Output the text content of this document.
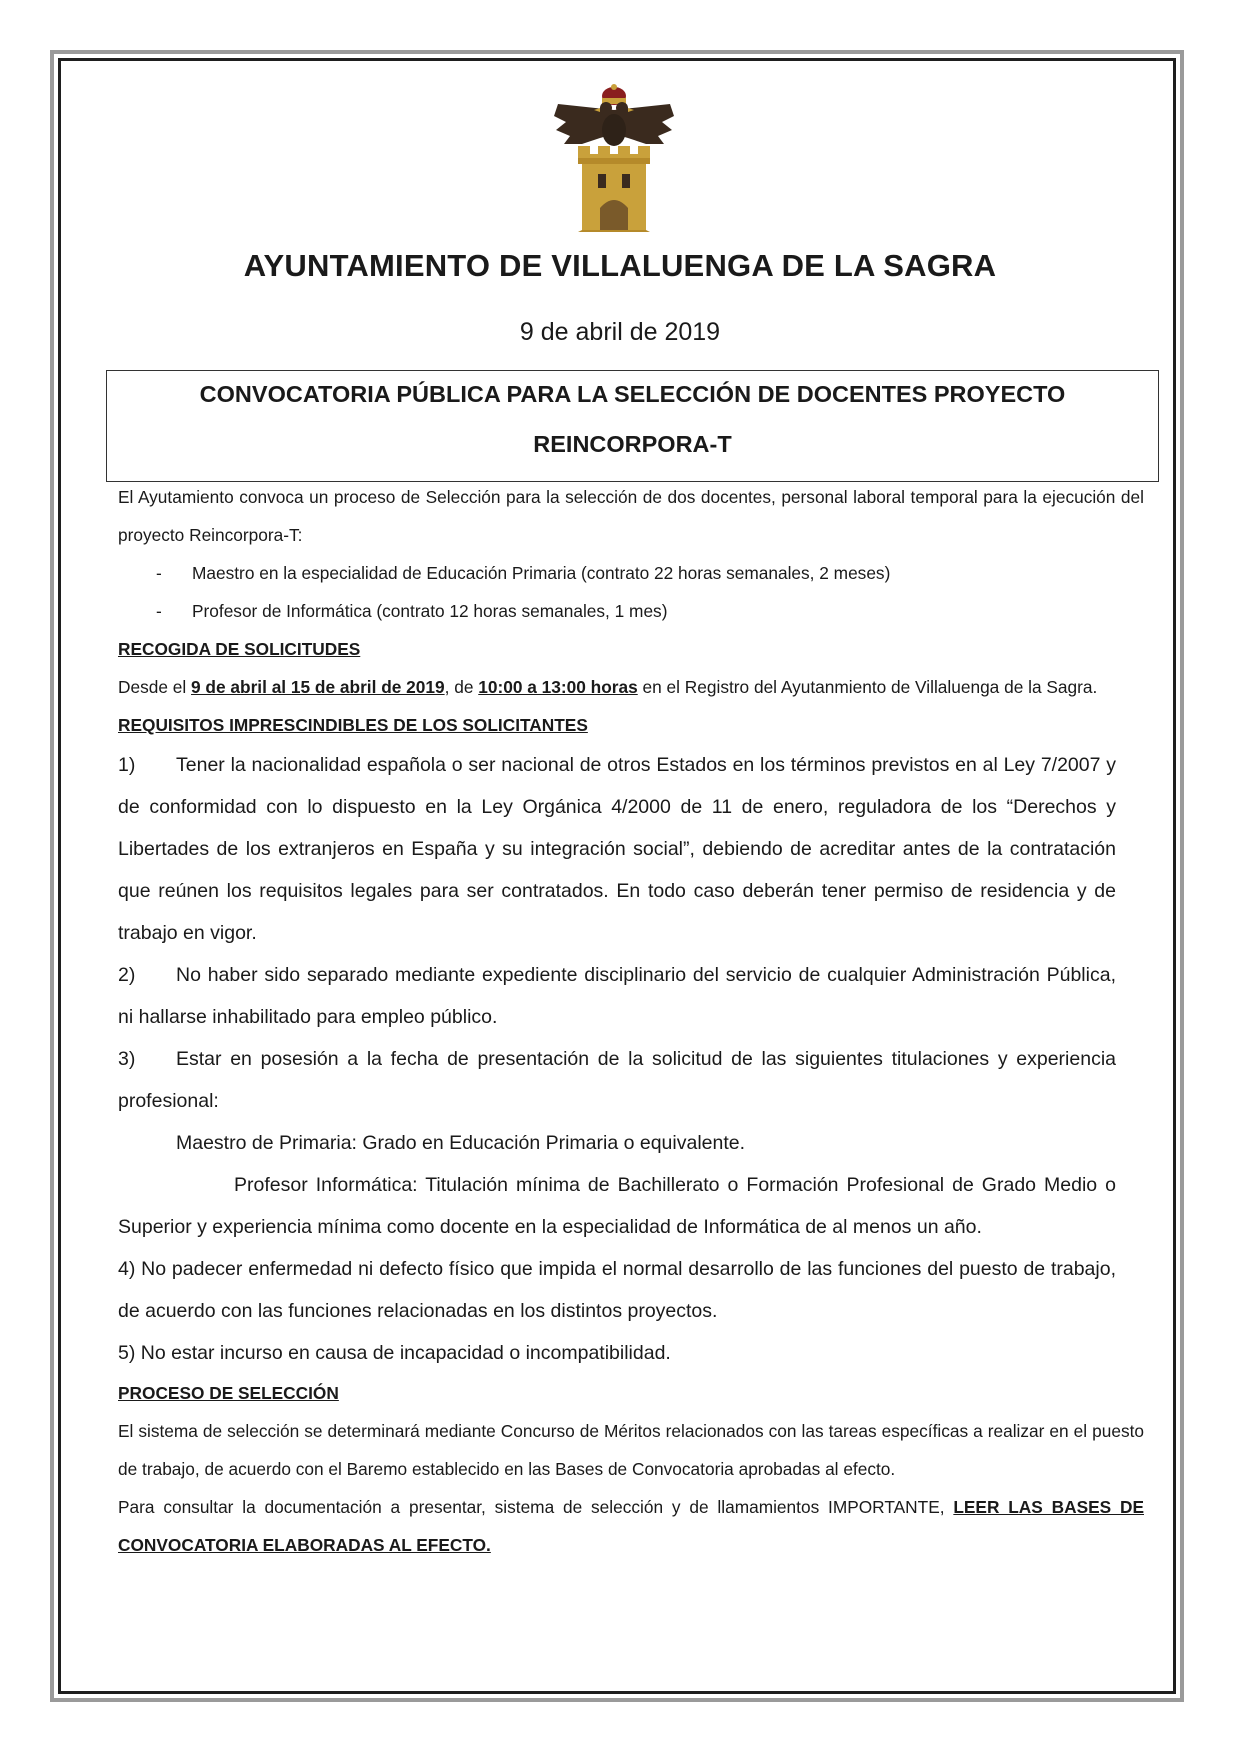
AYUNTAMIENTO DE VILLALUENGA DE LA SAGRA
9 de abril de 2019
CONVOCATORIA PÚBLICA PARA LA SELECCIÓN DE DOCENTES PROYECTO
REINCORPORA-T

El Ayutamiento convoca un proceso de Selección para la selección de dos docentes, personal laboral temporal para la ejecución del proyecto Reincorpora-T:

-	Maestro en la especialidad de Educación Primaria (contrato 22 horas semanales, 2 meses)
-	Profesor de Informática (contrato 12 horas semanales, 1 mes)
RECOGIDA DE SOLICITUDES

Desde el 9 de abril al 15 de abril de 2019, de 10:00 a 13:00 horas en el Registro del Ayutanmiento de Villaluenga de la Sagra.

REQUISITOS IMPRESCINDIBLES DE LOS SOLICITANTES

1) Tener la nacionalidad española o ser nacional de otros Estados en los términos previstos en al Ley 7/2007 y de conformidad con lo dispuesto en la Ley Orgánica 4/2000 de 11 de enero, reguladora de los “Derechos y Libertades de los extranjeros en España y su integración social”, debiendo de acreditar antes de la contratación que reúnen los requisitos legales para ser contratados. En todo caso deberán tener permiso de residencia y de trabajo en vigor.

2) No haber sido separado mediante expediente disciplinario del servicio de cualquier Administración Pública, ni hallarse inhabilitado para empleo público.

3) Estar en posesión a la fecha de presentación de la solicitud de las siguientes titulaciones y experiencia profesional:

Maestro de Primaria: Grado en Educación Primaria o equivalente.

Profesor Informática: Titulación mínima de Bachillerato o Formación Profesional de Grado Medio o Superior y experiencia mínima como docente en la especialidad de Informática de al menos un año.

4) No padecer enfermedad ni defecto físico que impida el normal desarrollo de las funciones del puesto de trabajo, de acuerdo con las funciones relacionadas en los distintos proyectos.

5) No estar incurso en causa de incapacidad o incompatibilidad.

PROCESO DE SELECCIÓN

El sistema de selección se determinará mediante Concurso de Méritos relacionados con las tareas específicas a realizar en el puesto de trabajo, de acuerdo con el Baremo establecido en las Bases de Convocatoria aprobadas al efecto.

Para consultar la documentación a presentar, sistema de selección y de llamamientos IMPORTANTE, LEER LAS BASES DE CONVOCATORIA ELABORADAS AL EFECTO.
